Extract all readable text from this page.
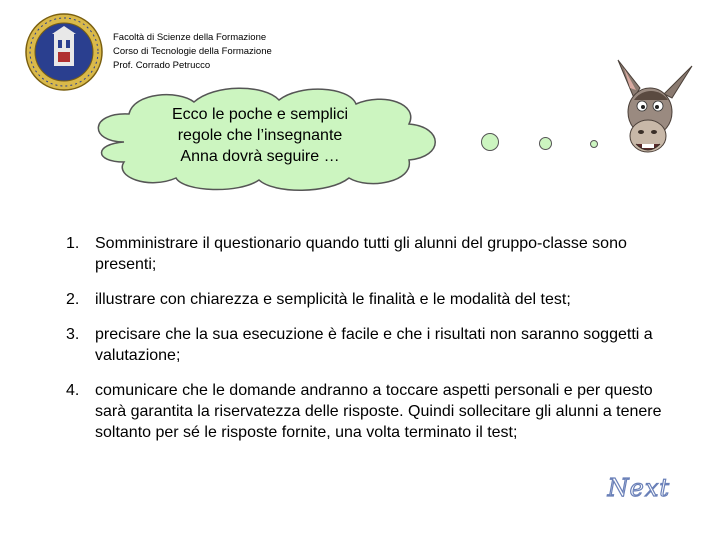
Facoltà di Scienze della Formazione
Corso di Tecnologie della Formazione
Prof. Corrado Petrucco
Ecco le poche e semplici
regole che l’insegnante
Anna dovrà seguire …
1. Somministrare il questionario quando tutti gli alunni del gruppo-classe sono presenti;
2. illustrare con chiarezza e semplicità le finalità e le modalità del test;
3. precisare che la sua esecuzione è facile e che i risultati non saranno soggetti a valutazione;
4. comunicare che le domande andranno a toccare aspetti personali e per questo sarà garantita la riservatezza delle risposte. Quindi sollecitare gli alunni a tenere soltanto per sé le risposte fornite, una volta terminato il test;
Next
